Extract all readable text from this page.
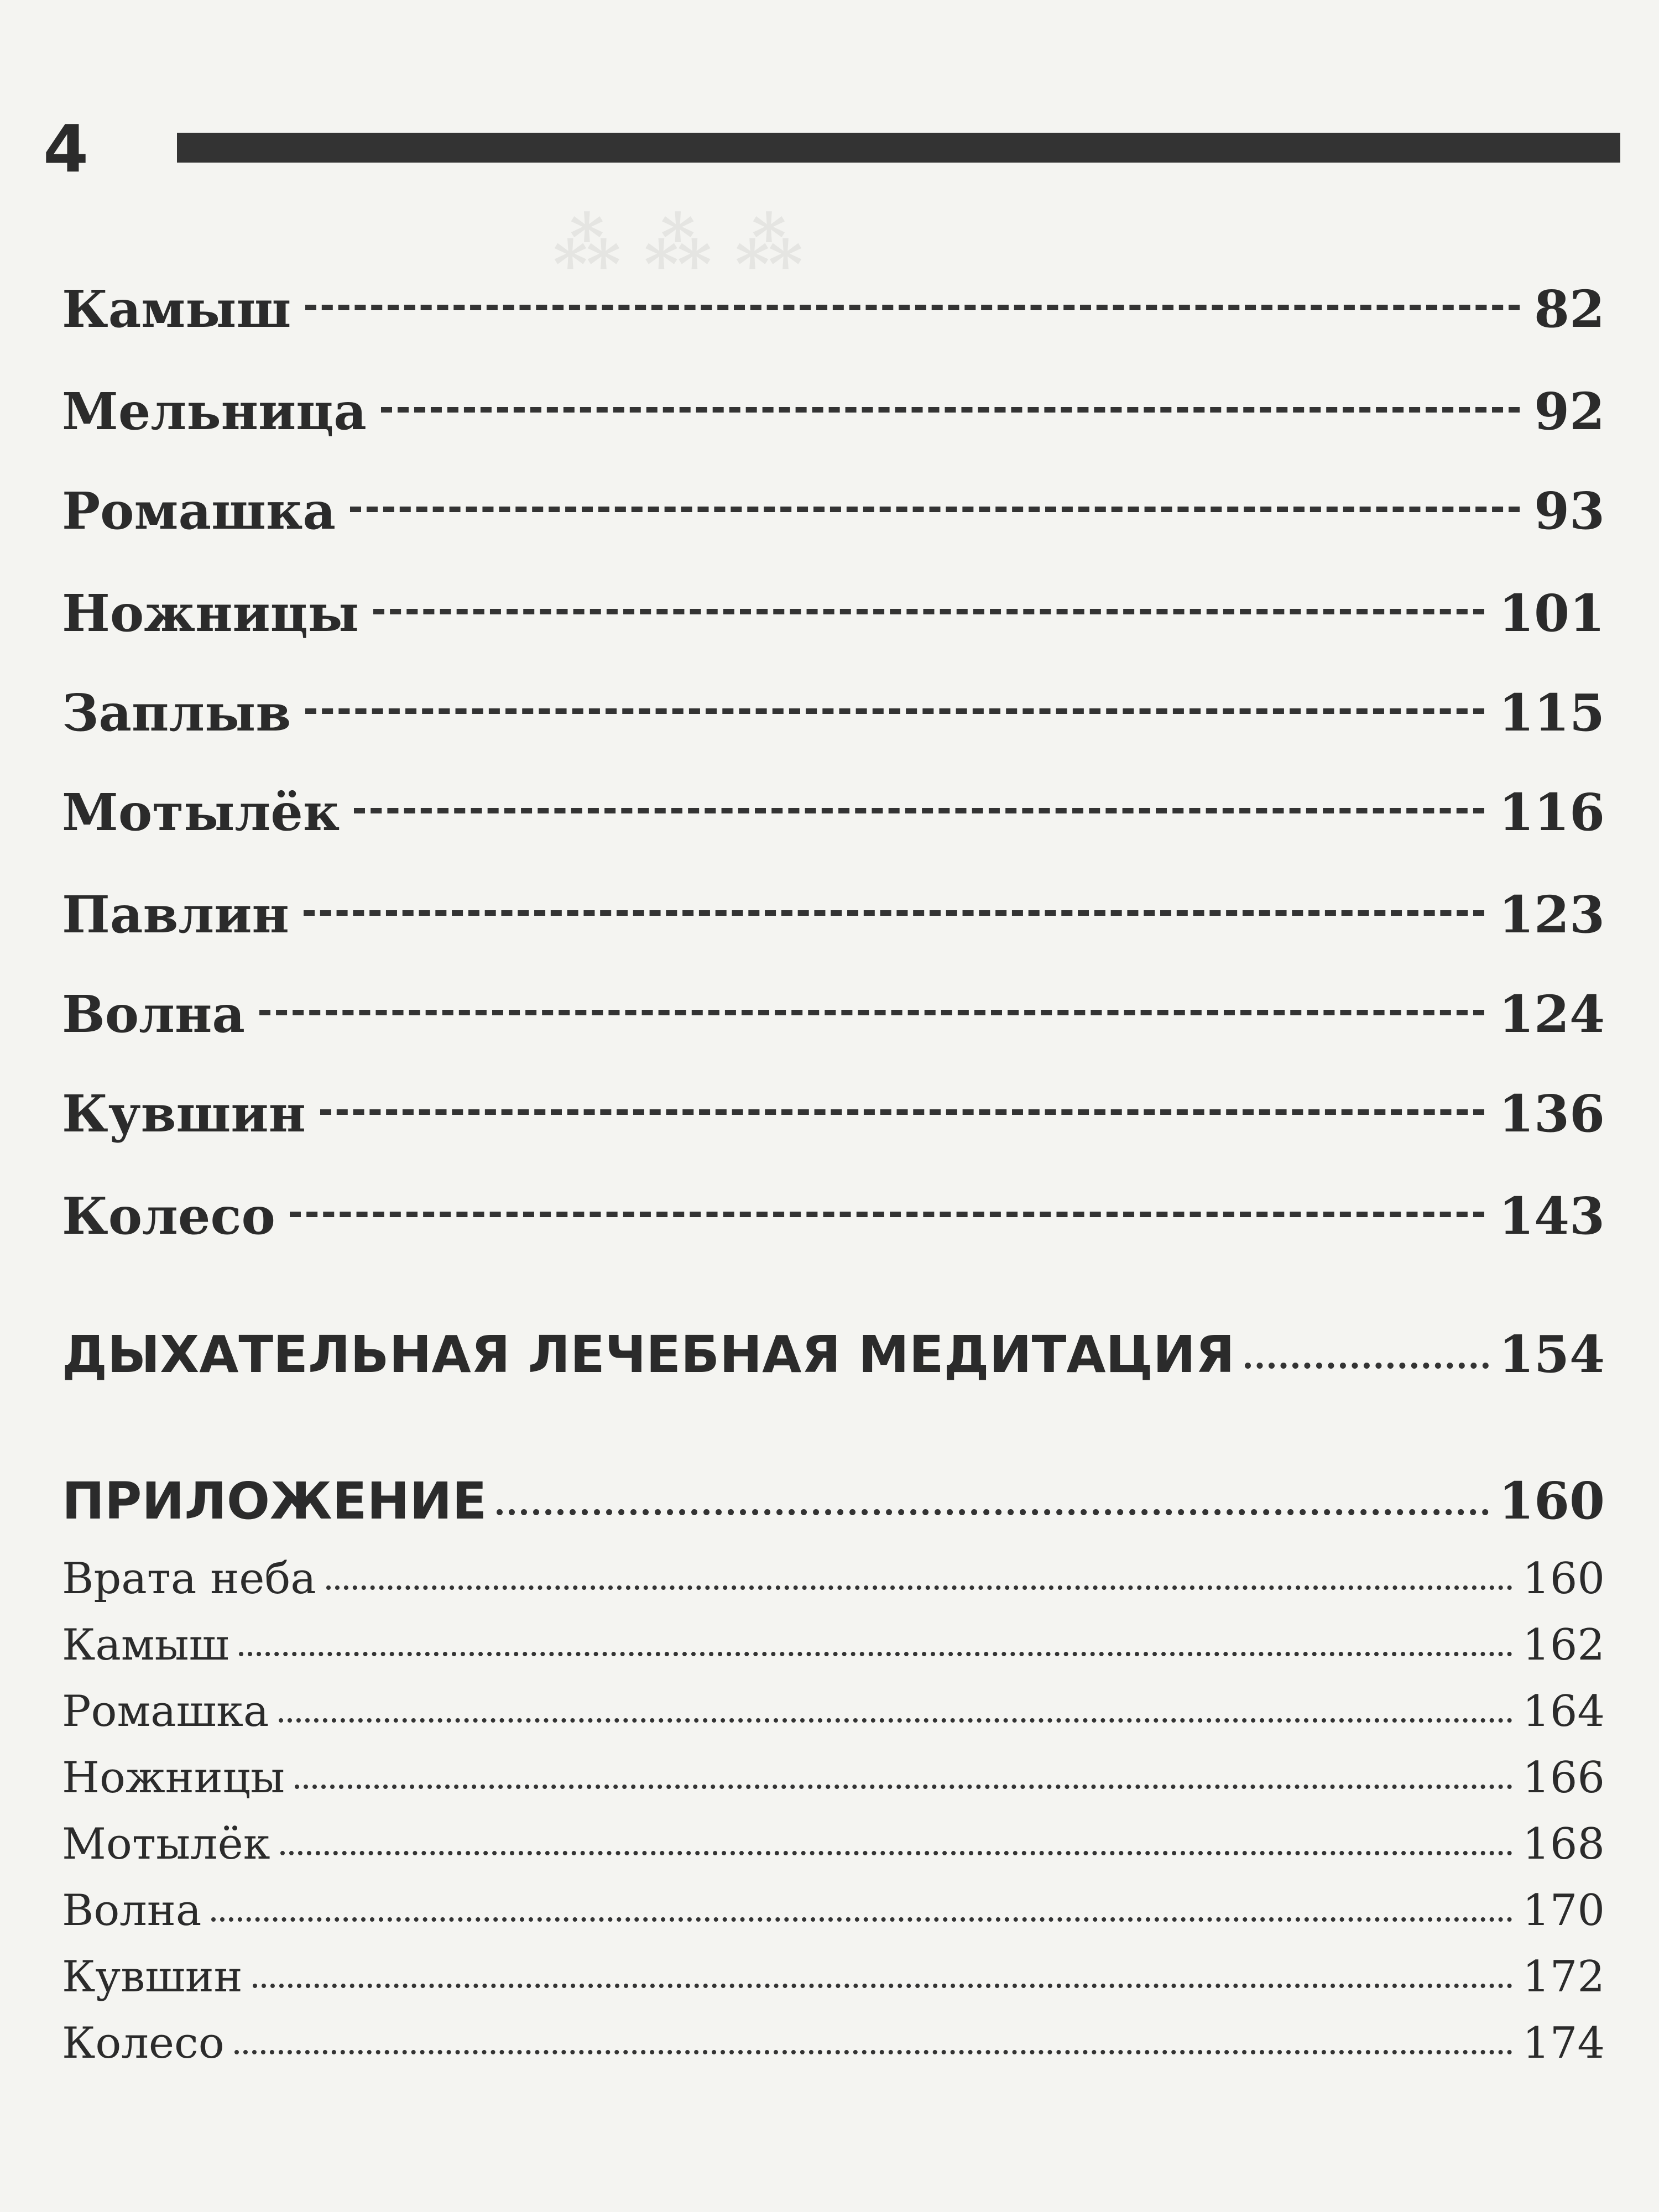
⁂ ⁂ ⁂
4
Камыш	82
Мельница	92
Ромашка	93
Ножницы	101
Заплыв	115
Мотылёк	116
Павлин	123
Волна	124
Кувшин	136
Колесо	143
ДЫХАТЕЛЬНАЯ ЛЕЧЕБНАЯ МЕДИТАЦИЯ	154
ПРИЛОЖЕНИЕ	160
Врата неба	160
Камыш	162
Ромашка	164
Ножницы	166
Мотылёк	168
Волна	170
Кувшин	172
Колесо	174
